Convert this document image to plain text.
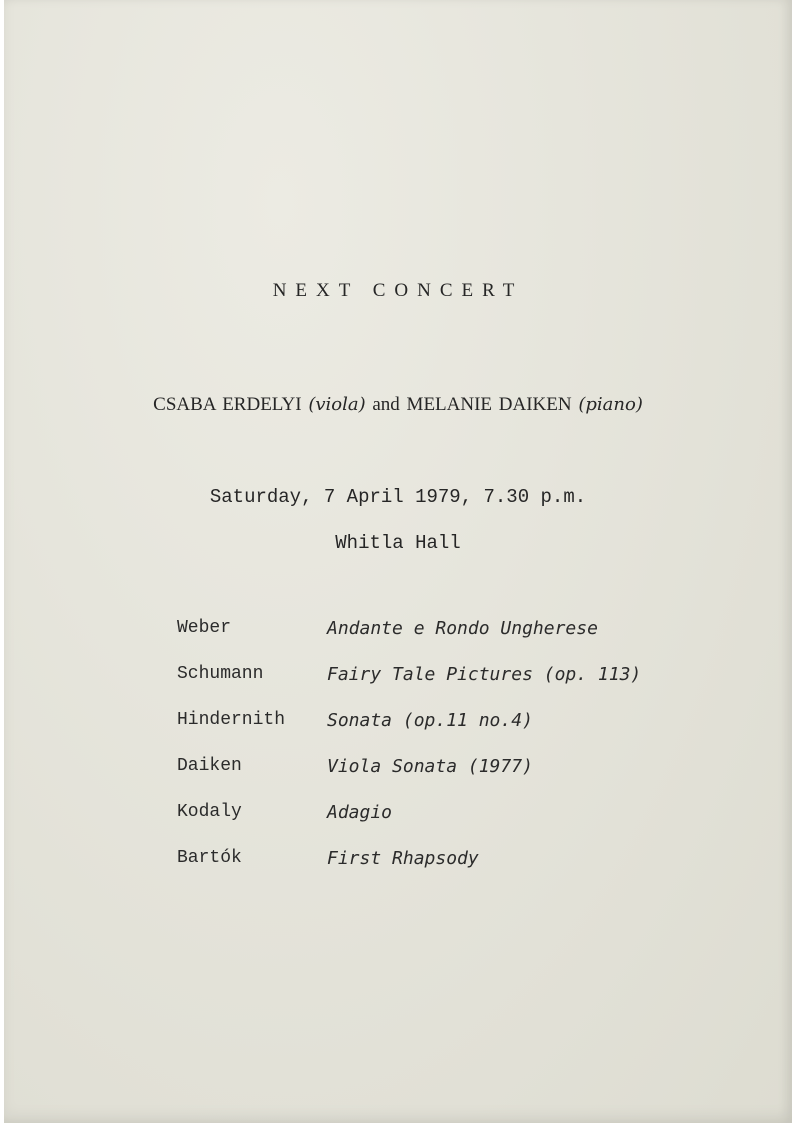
NEXT CONCERT
CSABA ERDELYI (viola) and MELANIE DAIKEN (piano)
Saturday, 7 April 1979, 7.30 p.m.
Whitla Hall
Weber	Andante e Rondo Ungherese
Schumann	Fairy Tale Pictures (op. 113)
Hindernith	Sonata (op.11 no.4)
Daiken	Viola Sonata (1977)
Kodaly	Adagio
Bartók	First Rhapsody
